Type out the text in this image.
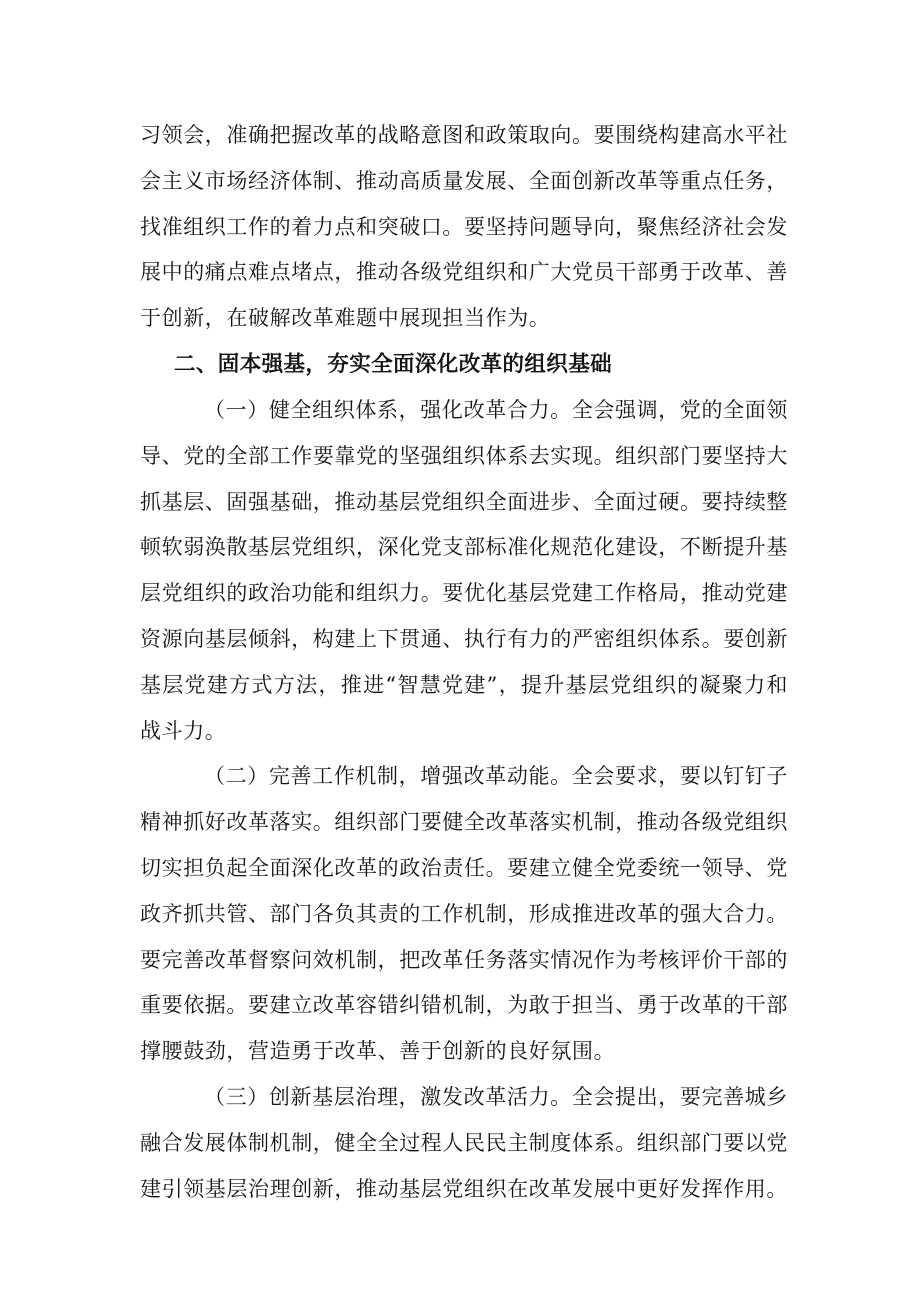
习领会，准确把握改革的战略意图和政策取向。要围绕构建高水平社会主义市场经济体制、推动高质量发展、全面创新改革等重点任务，找准组织工作的着力点和突破口。要坚持问题导向，聚焦经济社会发展中的痛点难点堵点，推动各级党组织和广大党员干部勇于改革、善于创新，在破解改革难题中展现担当作为。

二、固本强基，夯实全面深化改革的组织基础

（一）健全组织体系，强化改革合力。全会强调，党的全面领导、党的全部工作要靠党的坚强组织体系去实现。组织部门要坚持大抓基层、固强基础，推动基层党组织全面进步、全面过硬。要持续整顿软弱涣散基层党组织，深化党支部标准化规范化建设，不断提升基层党组织的政治功能和组织力。要优化基层党建工作格局，推动党建资源向基层倾斜，构建上下贯通、执行有力的严密组织体系。要创新基层党建方式方法，推进“智慧党建”，提升基层党组织的凝聚力和战斗力。

（二）完善工作机制，增强改革动能。全会要求，要以钉钉子精神抓好改革落实。组织部门要健全改革落实机制，推动各级党组织切实担负起全面深化改革的政治责任。要建立健全党委统一领导、党政齐抓共管、部门各负其责的工作机制，形成推进改革的强大合力。要完善改革督察问效机制，把改革任务落实情况作为考核评价干部的重要依据。要建立改革容错纠错机制，为敢于担当、勇于改革的干部撑腰鼓劲，营造勇于改革、善于创新的良好氛围。

（三）创新基层治理，激发改革活力。全会提出，要完善城乡融合发展体制机制，健全全过程人民民主制度体系。组织部门要以党建引领基层治理创新，推动基层党组织在改革发展中更好发挥作用。
